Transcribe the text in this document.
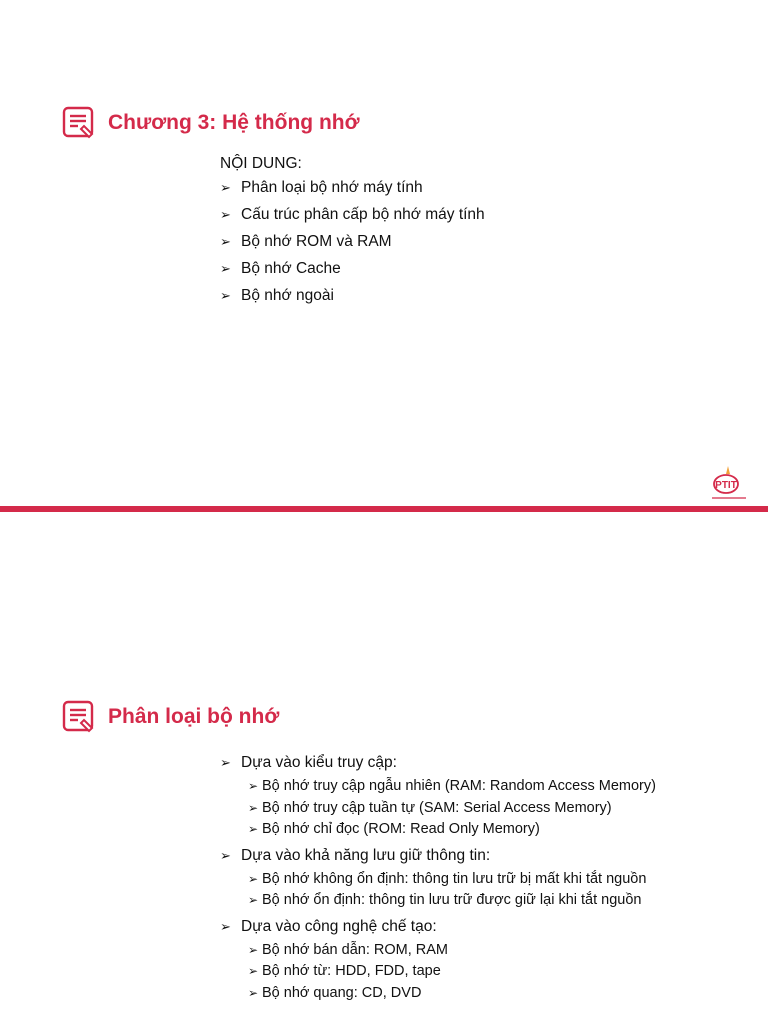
Chương 3: Hệ thống nhớ
NỘI DUNG:
➢ Phân loại bộ nhớ máy tính
➢ Cấu trúc phân cấp bộ nhớ máy tính
➢ Bộ nhớ ROM và RAM
➢ Bộ nhớ Cache
➢ Bộ nhớ ngoài
PTIT
Phân loại bộ nhớ
➢ Dựa vào kiểu truy cập:
➢ Bộ nhớ truy cập ngẫu nhiên (RAM: Random Access Memory)
➢ Bộ nhớ truy cập tuần tự (SAM: Serial Access Memory)
➢ Bộ nhớ chỉ đọc (ROM: Read Only Memory)
➢ Dựa vào khả năng lưu giữ thông tin:
➢ Bộ nhớ không ổn định: thông tin lưu trữ bị mất khi tắt nguồn
➢ Bộ nhớ ổn định: thông tin lưu trữ được giữ lại khi tắt nguồn
➢ Dựa vào công nghệ chế tạo:
➢ Bộ nhớ bán dẫn: ROM, RAM
➢ Bộ nhớ từ: HDD, FDD, tape
➢ Bộ nhớ quang: CD, DVD
